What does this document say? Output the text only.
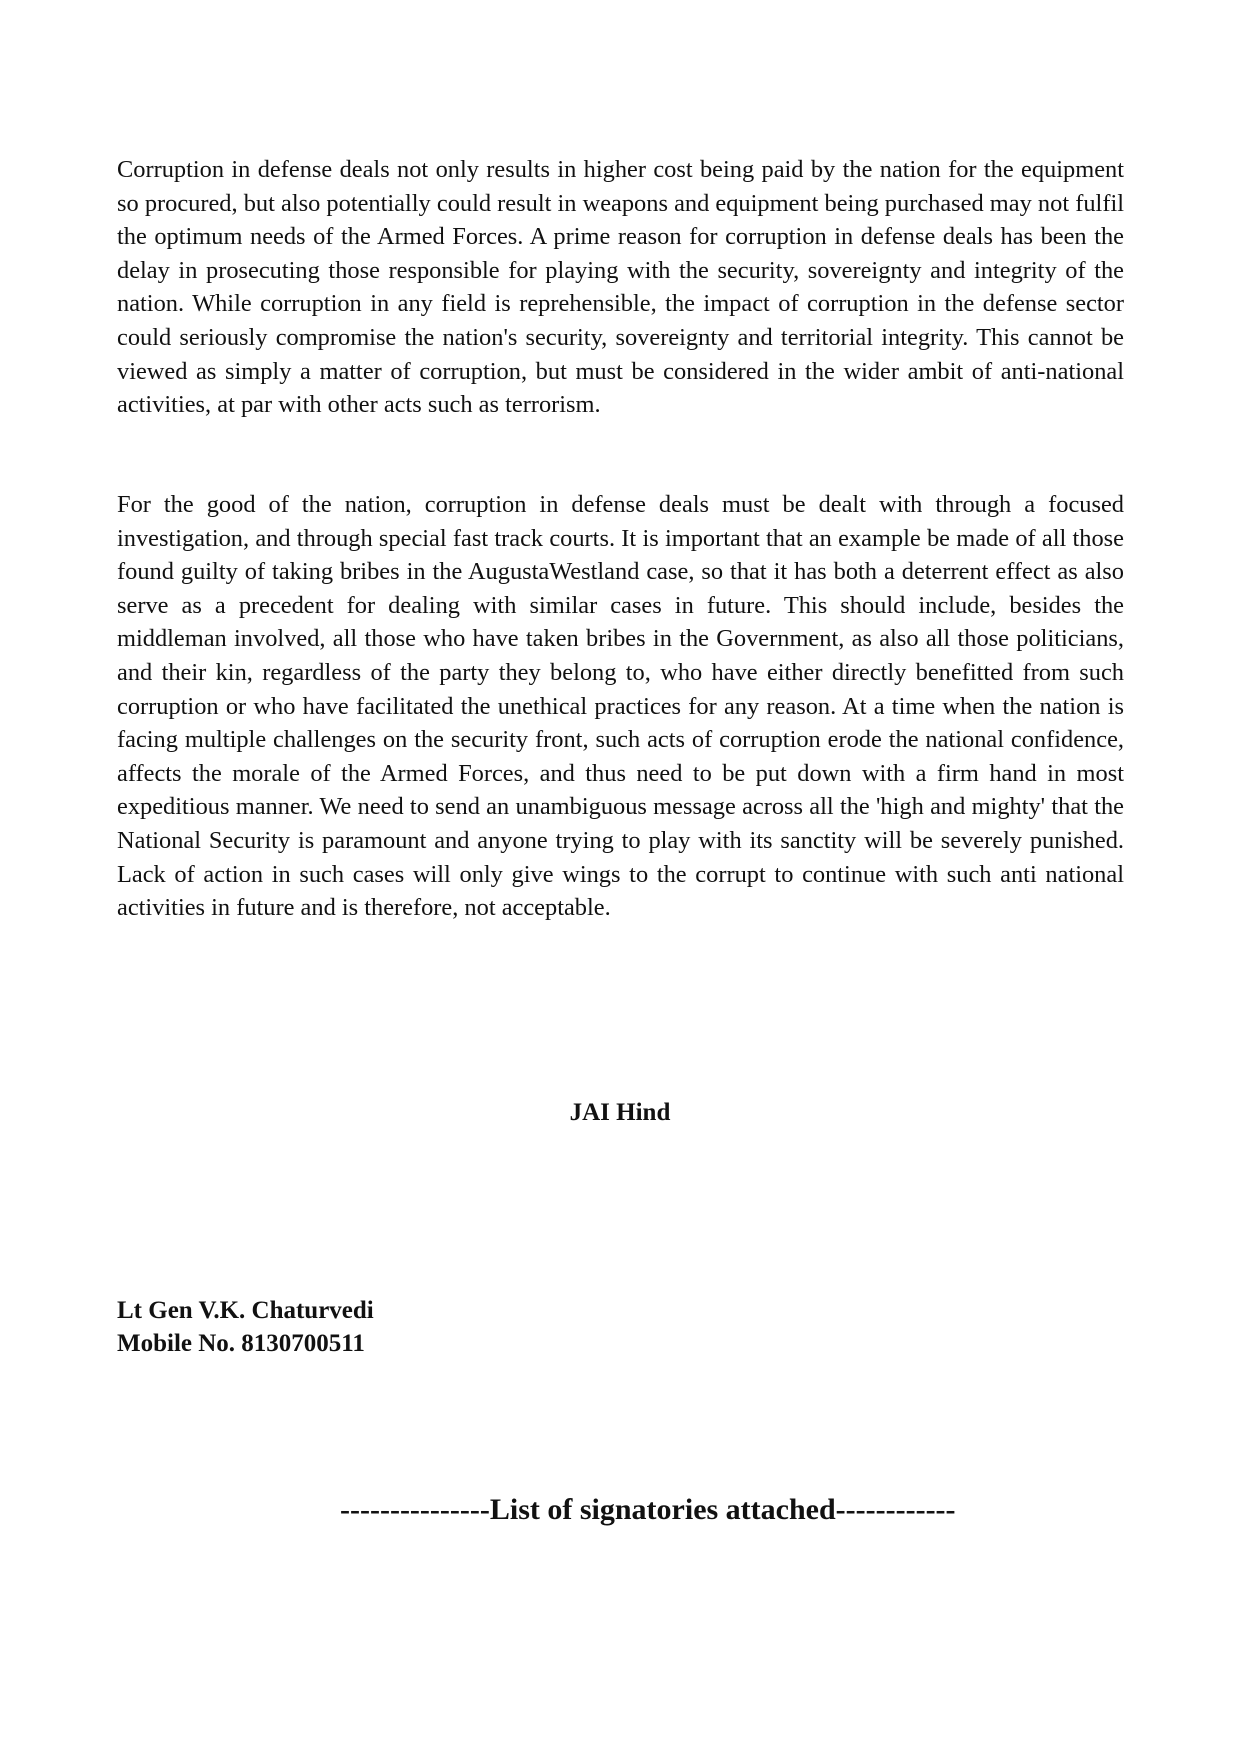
Corruption in defense deals not only results in higher cost being paid by the nation for the equipment so procured, but also potentially could result in weapons and equipment being purchased may not fulfil the optimum needs of the Armed Forces. A prime reason for corruption in defense deals has been the delay in prosecuting those responsible for playing with the security, sovereignty and integrity of the nation. While corruption in any field is reprehensible, the impact of corruption in the defense sector could seriously compromise the nation's security, sovereignty and territorial integrity. This cannot be viewed as simply a matter of corruption, but must be considered in the wider ambit of anti-national activities, at par with other acts such as terrorism.

For the good of the nation, corruption in defense deals must be dealt with through a focused investigation, and through special fast track courts. It is important that an example be made of all those found guilty of taking bribes in the AugustaWestland case, so that it has both a deterrent effect as also serve as a precedent for dealing with similar cases in future. This should include, besides the middleman involved, all those who have taken bribes in the Government, as also all those politicians, and their kin, regardless of the party they belong to, who have either directly benefitted from such corruption or who have facilitated the unethical practices for any reason. At a time when the nation is facing multiple challenges on the security front, such acts of corruption erode the national confidence, affects the morale of the Armed Forces, and thus need to be put down with a firm hand in most expeditious manner. We need to send an unambiguous message across all the 'high and mighty' that the National Security is paramount and anyone trying to play with its sanctity will be severely punished. Lack of action in such cases will only give wings to the corrupt to continue with such anti national activities in future and is therefore, not acceptable.

JAI Hind

Lt Gen V.K. Chaturvedi

Mobile No. 8130700511

---------------List of signatories attached------------
